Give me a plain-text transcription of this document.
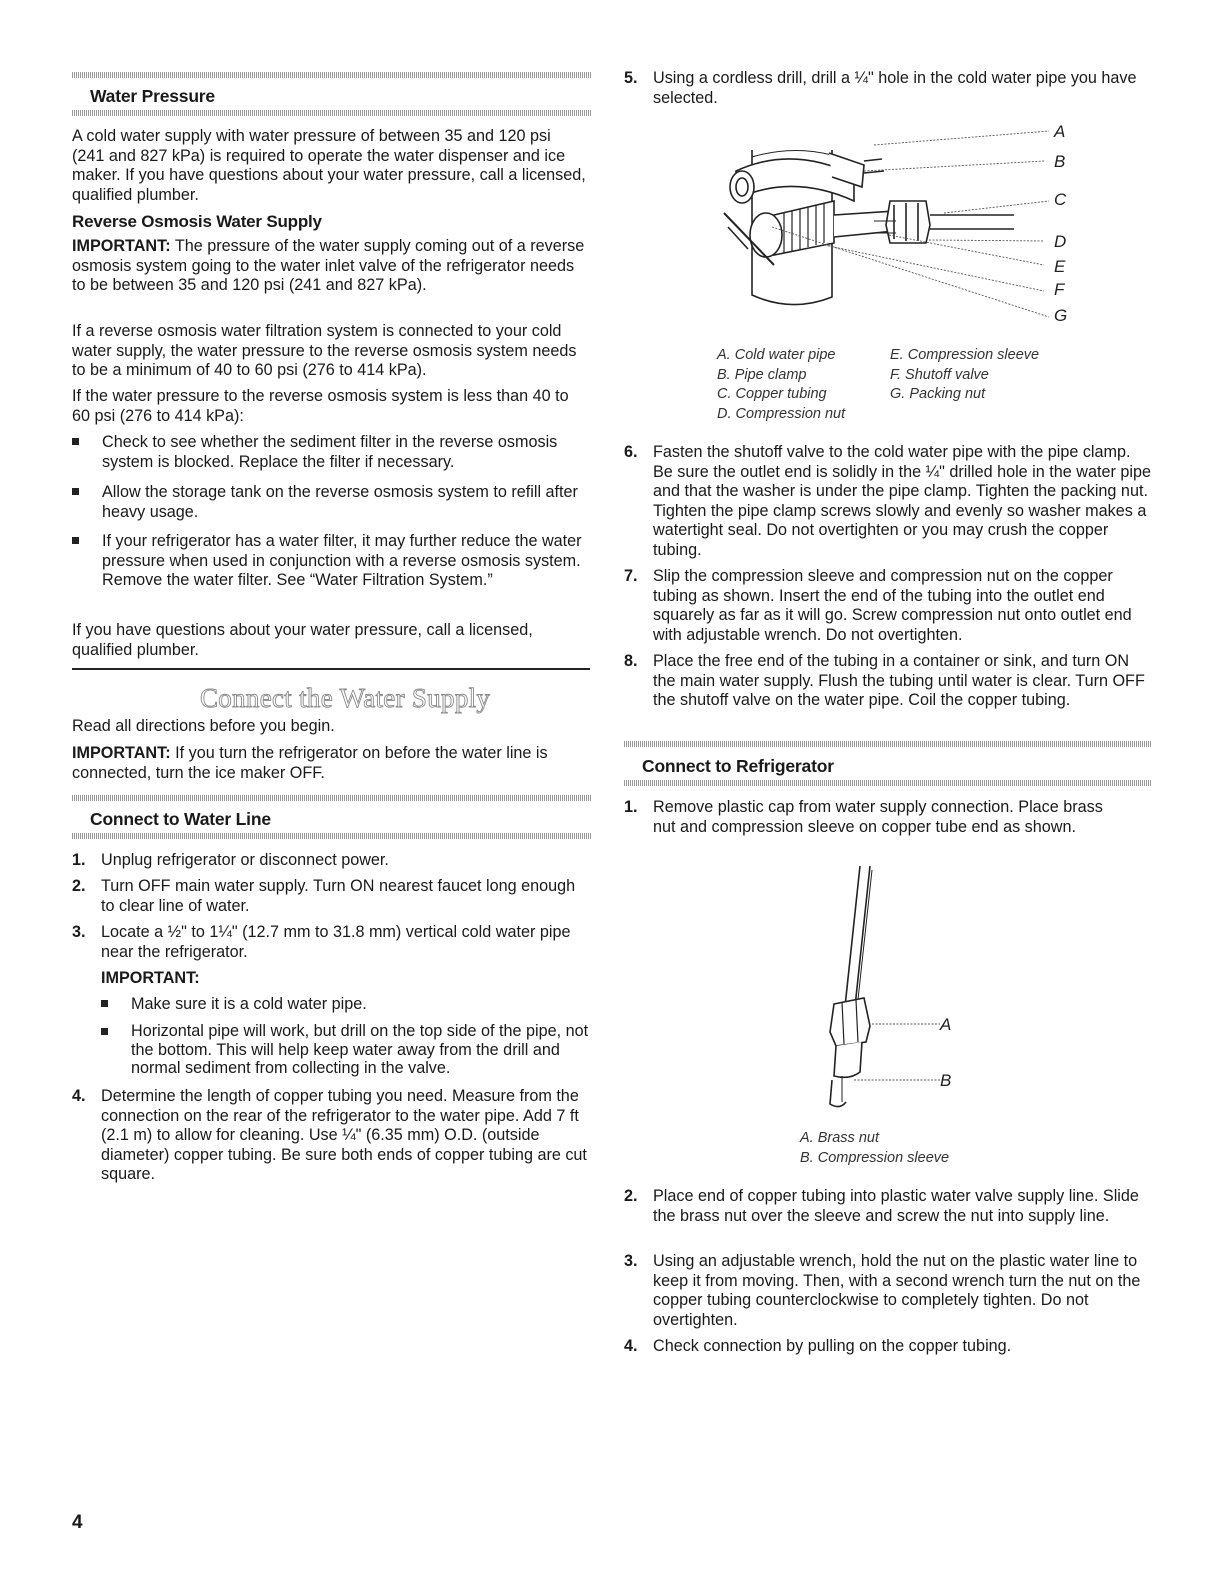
Water Pressure

A cold water supply with water pressure of between 35 and 120 psi (241 and 827 kPa) is required to operate the water dispenser and ice maker. If you have questions about your water pressure, call a licensed, qualified plumber.

Reverse Osmosis Water Supply

IMPORTANT: The pressure of the water supply coming out of a reverse osmosis system going to the water inlet valve of the refrigerator needs to be between 35 and 120 psi (241 and 827 kPa).

If a reverse osmosis water filtration system is connected to your cold water supply, the water pressure to the reverse osmosis system needs to be a minimum of 40 to 60 psi (276 to 414 kPa).

If the water pressure to the reverse osmosis system is less than 40 to 60 psi (276 to 414 kPa):

Check to see whether the sediment filter in the reverse osmosis system is blocked. Replace the filter if necessary.

Allow the storage tank on the reverse osmosis system to refill after heavy usage.

If your refrigerator has a water filter, it may further reduce the water pressure when used in conjunction with a reverse osmosis system. Remove the water filter. See “Water Filtration System.”

If you have questions about your water pressure, call a licensed, qualified plumber.

Connect the Water Supply

Read all directions before you begin.

IMPORTANT: If you turn the refrigerator on before the water line is connected, turn the ice maker OFF.

Connect to Water Line
1. Unplug refrigerator or disconnect power.

2. Turn OFF main water supply. Turn ON nearest faucet long enough to clear line of water.

3. Locate a ½" to 1¼" (12.7 mm to 31.8 mm) vertical cold water pipe near the refrigerator.

IMPORTANT:

Make sure it is a cold water pipe.

Horizontal pipe will work, but drill on the top side of the pipe, not the bottom. This will help keep water away from the drill and normal sediment from collecting in the valve.

4. Determine the length of copper tubing you need. Measure from the connection on the rear of the refrigerator to the water pipe. Add 7 ft (2.1 m) to allow for cleaning. Use ¼" (6.35 mm) O.D. (outside diameter) copper tubing. Be sure both ends of copper tubing are cut square.

4
5. Using a cordless drill, drill a ¼" hole in the cold water pipe you have selected.

A
B
C
D
E
F
G
A. Cold water pipe
B. Pipe clamp
C. Copper tubing
D. Compression nut
E. Compression sleeve
F. Shutoff valve
G. Packing nut
6. Fasten the shutoff valve to the cold water pipe with the pipe clamp. Be sure the outlet end is solidly in the ¼" drilled hole in the water pipe and that the washer is under the pipe clamp. Tighten the packing nut. Tighten the pipe clamp screws slowly and evenly so washer makes a watertight seal. Do not overtighten or you may crush the copper tubing.

7. Slip the compression sleeve and compression nut on the copper tubing as shown. Insert the end of the tubing into the outlet end squarely as far as it will go. Screw compression nut onto outlet end with adjustable wrench. Do not overtighten.

8. Place the free end of the tubing in a container or sink, and turn ON the main water supply. Flush the tubing until water is clear. Turn OFF the shutoff valve on the water pipe. Coil the copper tubing.

Connect to Refrigerator
1. Remove plastic cap from water supply connection. Place brass nut and compression sleeve on copper tube end as shown.

A
B
A. Brass nut
B. Compression sleeve
2. Place end of copper tubing into plastic water valve supply line. Slide the brass nut over the sleeve and screw the nut into supply line.

3. Using an adjustable wrench, hold the nut on the plastic water line to keep it from moving. Then, with a second wrench turn the nut on the copper tubing counterclockwise to completely tighten. Do not overtighten.

4. Check connection by pulling on the copper tubing.
